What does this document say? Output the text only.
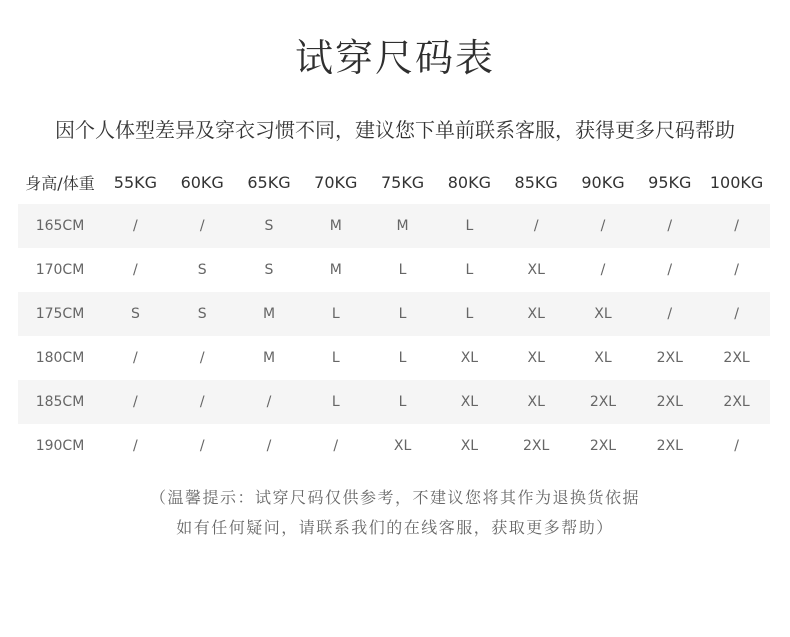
试穿尺码表
因个人体型差异及穿衣习惯不同，建议您下单前联系客服，获得更多尺码帮助
身高/体重	55KG	60KG	65KG	70KG	75KG	80KG	85KG	90KG	95KG	100KG
165CM	/	/	S	M	M	L	/	/	/	/
170CM	/	S	S	M	L	L	XL	/	/	/
175CM	S	S	M	L	L	L	XL	XL	/	/
180CM	/	/	M	L	L	XL	XL	XL	2XL	2XL
185CM	/	/	/	L	L	XL	XL	2XL	2XL	2XL
190CM	/	/	/	/	XL	XL	2XL	2XL	2XL	/
（温馨提示：试穿尺码仅供参考，不建议您将其作为退换货依据
如有任何疑问，请联系我们的在线客服，获取更多帮助）
